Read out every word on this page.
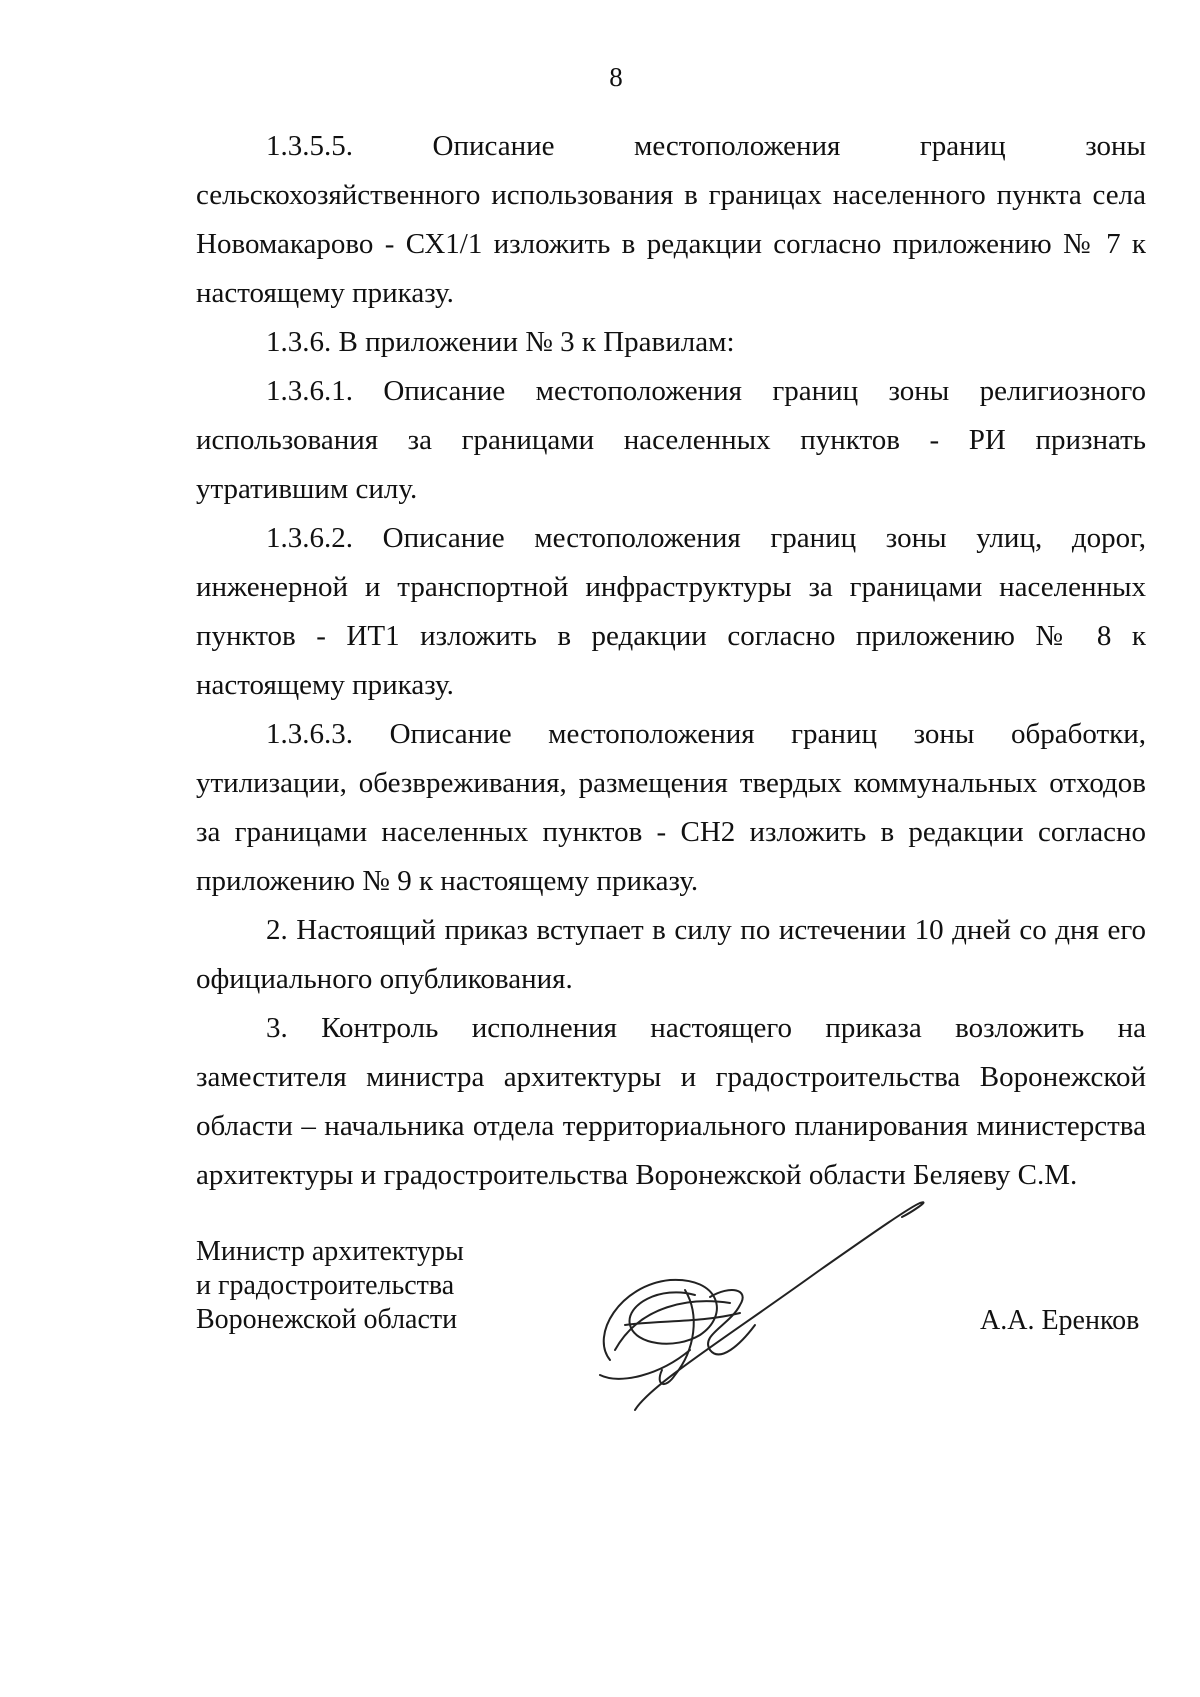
8

1.3.5.5. Описание местоположения границ зоны сельскохозяйственного использования в границах населенного пункта села Новомакарово - СХ1/1 изложить в редакции согласно приложению № 7 к настоящему приказу.

1.3.6. В приложении № 3 к Правилам:

1.3.6.1. Описание местоположения границ зоны религиозного использования за границами населенных пунктов - РИ признать утратившим силу.

1.3.6.2. Описание местоположения границ зоны улиц, дорог, инженерной и транспортной инфраструктуры за границами населенных пунктов - ИТ1 изложить в редакции согласно приложению № 8 к настоящему приказу.

1.3.6.3. Описание местоположения границ зоны обработки, утилизации, обезвреживания, размещения твердых коммунальных отходов за границами населенных пунктов - СН2 изложить в редакции согласно приложению № 9 к настоящему приказу.

2. Настоящий приказ вступает в силу по истечении 10 дней со дня его официального опубликования.

3. Контроль исполнения настоящего приказа возложить на заместителя министра архитектуры и градостроительства Воронежской области – начальника отдела территориального планирования министерства архитектуры и градостроительства Воронежской области Беляеву С.М.

Министр архитектуры
и градостроительства
Воронежской области	А.А. Еренков
